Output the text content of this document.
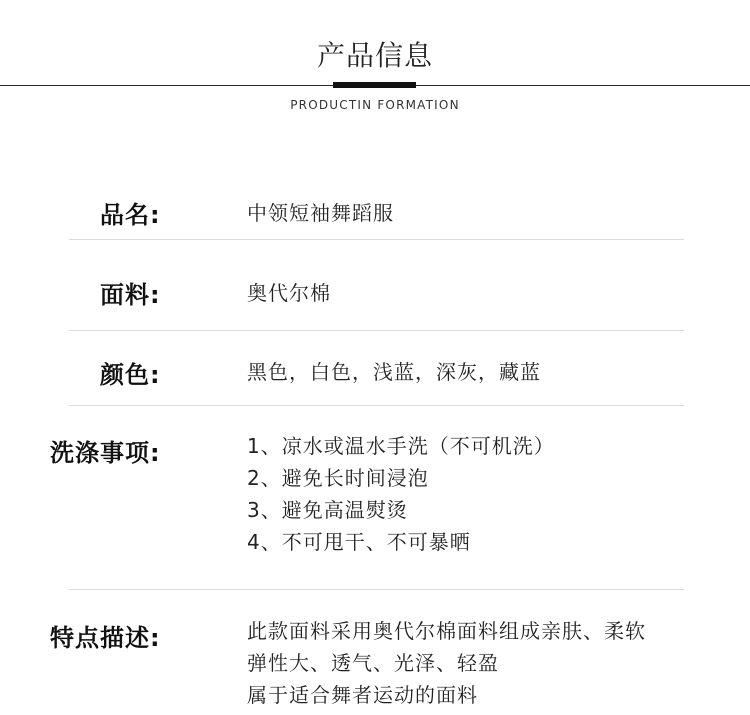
产品信息
PRODUCTIN FORMATION
品名:	中领短袖舞蹈服
面料:	奥代尔棉
颜色:	黑色，白色，浅蓝，深灰，藏蓝
洗涤事项:	1、凉水或温水手洗（不可机洗）
2、避免长时间浸泡
3、避免高温熨烫
4、不可甩干、不可暴晒
特点描述:	此款面料采用奥代尔棉面料组成亲肤、柔软
弹性大、透气、光泽、轻盈
属于适合舞者运动的面料
